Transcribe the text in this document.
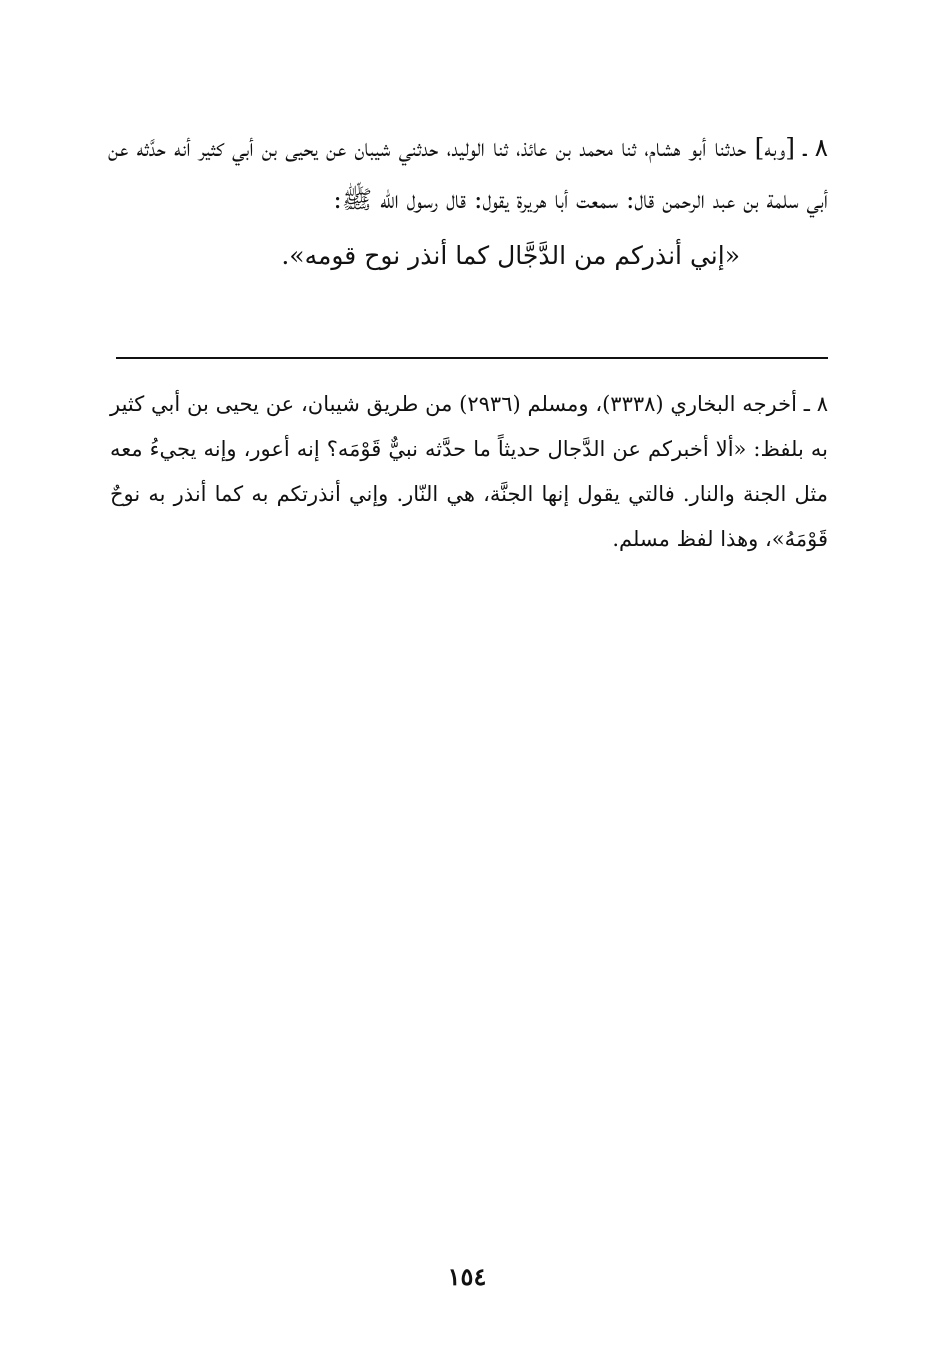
٨ ـ [وبه] حدثنا أبو هشام، ثنا محمد بن عائذ، ثنا الوليد، حدثني شيبان عن يحيى بن أبي كثير أنه حدَّثه عن أبي سلمة بن عبد الرحمن قال: سمعت أبا هريرة يقول: قال رسول الله ﷺ:

«إني أنذركم من الدَّجَّال كما أنذر نوح قومه».

٨ ـ أخرجه البخاري (٣٣٣٨)، ومسلم (٢٩٣٦) من طريق شيبان، عن يحيى بن أبي كثير به بلفظ: «ألا أخبركم عن الدَّجال حديثاً ما حدَّثه نبيٌّ قَوْمَه؟ إنه أعور، وإنه يجيءُ معه مثل الجنة والنار. فالتي يقول إنها الجنَّة، هي النّار. وإني أنذرتكم به كما أنذر به نوحٌ قَوْمَهُ»، وهذا لفظ مسلم.

١٥٤
